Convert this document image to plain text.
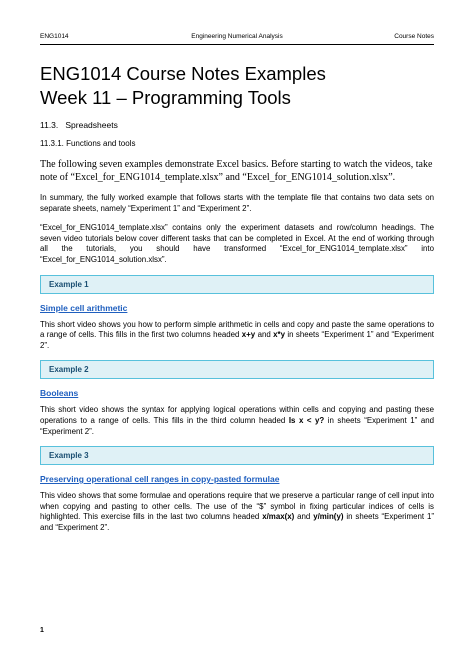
ENG1014	Engineering Numerical Analysis	Course Notes
ENG1014 Course Notes Examples
Week 11 – Programming Tools
11.3. Spreadsheets
11.3.1. Functions and tools

The following seven examples demonstrate Excel basics. Before starting to watch the videos, take note of “Excel_for_ENG1014_template.xlsx” and “Excel_for_ENG1014_solution.xlsx”.

In summary, the fully worked example that follows starts with the template file that contains two data sets on separate sheets, namely “Experiment 1” and “Experiment 2”.

“Excel_for_ENG1014_template.xlsx” contains only the experiment datasets and row/column headings. The seven video tutorials below cover different tasks that can be completed in Excel. At the end of working through all the tutorials, you should have transformed “Excel_for_ENG1014_template.xlsx” into “Excel_for_ENG1014_solution.xlsx”.

Example 1
Simple cell arithmetic

This short video shows you how to perform simple arithmetic in cells and copy and paste the same operations to a range of cells. This fills in the first two columns headed x+y and x*y in sheets “Experiment 1” and “Experiment 2”.

Example 2
Booleans

This short video shows the syntax for applying logical operations within cells and copying and pasting these operations to a range of cells. This fills in the third column headed Is x < y? in sheets “Experiment 1” and “Experiment 2”.

Example 3
Preserving operational cell ranges in copy-pasted formulae

This video shows that some formulae and operations require that we preserve a particular range of cell input into when copying and pasting to other cells. The use of the “$” symbol in fixing particular indices of cells is highlighted. This exercise fills in the last two columns headed x/max(x) and y/min(y) in sheets “Experiment 1” and “Experiment 2”.

1
